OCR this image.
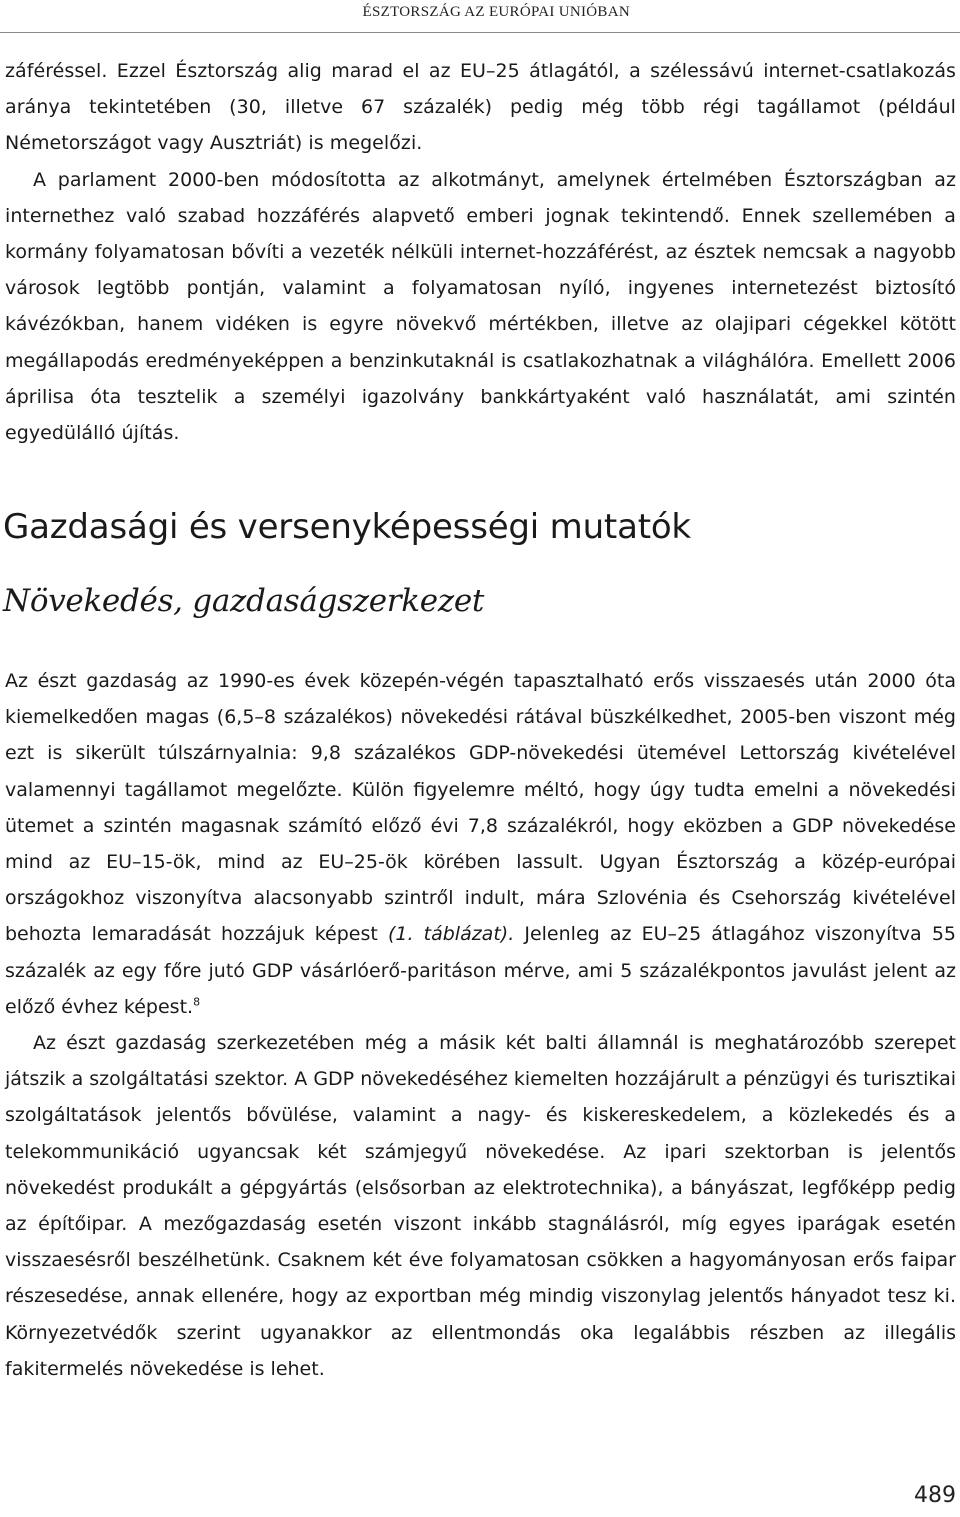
ÉSZTORSZÁG AZ EURÓPAI UNIÓBAN

záféréssel. Ezzel Észtország alig marad el az EU–25 átlagától, a szélessávú internet-csatlakozás aránya tekintetében (30, illetve 67 százalék) pedig még több régi tagállamot (például Németországot vagy Ausztriát) is megelőzi.

A parlament 2000-ben módosította az alkotmányt, amelynek értelmében Észtországban az internethez való szabad hozzáférés alapvető emberi jognak tekintendő. Ennek szellemében a kormány folyamatosan bővíti a vezeték nélküli internet-hozzáférést, az észtek nemcsak a nagyobb városok legtöbb pontján, valamint a folyamatosan nyíló, ingyenes internetezést biztosító kávézókban, hanem vidéken is egyre növekvő mértékben, illetve az olajipari cégekkel kötött megállapodás eredményeképpen a benzinkutaknál is csatlakozhatnak a világhálóra. Emellett 2006 áprilisa óta tesztelik a személyi igazolvány bankkártyaként való használatát, ami szintén egyedülálló újítás.

Gazdasági és versenyképességi mutatók
Növekedés, gazdaságszerkezet

Az észt gazdaság az 1990-es évek közepén-végén tapasztalható erős visszaesés után 2000 óta kiemelkedően magas (6,5–8 százalékos) növekedési rátával büszkélkedhet, 2005-ben viszont még ezt is sikerült túlszárnyalnia: 9,8 százalékos GDP-növekedési ütemével Lettország kivételével valamennyi tagállamot megelőzte. Külön figyelemre méltó, hogy úgy tudta emelni a növekedési ütemet a szintén magasnak számító előző évi 7,8 százalékról, hogy eközben a GDP növekedése mind az EU–15-ök, mind az EU–25-ök körében lassult. Ugyan Észtország a közép-európai országokhoz viszonyítva alacsonyabb szintről indult, mára Szlovénia és Csehország kivételével behozta lemaradását hozzájuk képest (1. táblázat). Jelenleg az EU–25 átlagához viszonyítva 55 százalék az egy főre jutó GDP vásárlóerő-paritáson mérve, ami 5 százalékpontos javulást jelent az előző évhez képest.$^8$

Az észt gazdaság szerkezetében még a másik két balti államnál is meghatározóbb szerepet játszik a szolgáltatási szektor. A GDP növekedéséhez kiemelten hozzájárult a pénzügyi és turisztikai szolgáltatások jelentős bővülése, valamint a nagy- és kiskereskedelem, a közlekedés és a telekommunikáció ugyancsak két számjegyű növekedése. Az ipari szektorban is jelentős növekedést produkált a gépgyártás (elsősorban az elektrotechnika), a bányászat, legfőképp pedig az építőipar. A mezőgazdaság esetén viszont inkább stagnálásról, míg egyes iparágak esetén visszaesésről beszélhetünk. Csaknem két éve folyamatosan csökken a hagyományosan erős faipar részesedése, annak ellenére, hogy az exportban még mindig viszonylag jelentős hányadot tesz ki. Környezetvédők szerint ugyanakkor az ellentmondás oka legalábbis részben az illegális fakitermelés növekedése is lehet.

489
